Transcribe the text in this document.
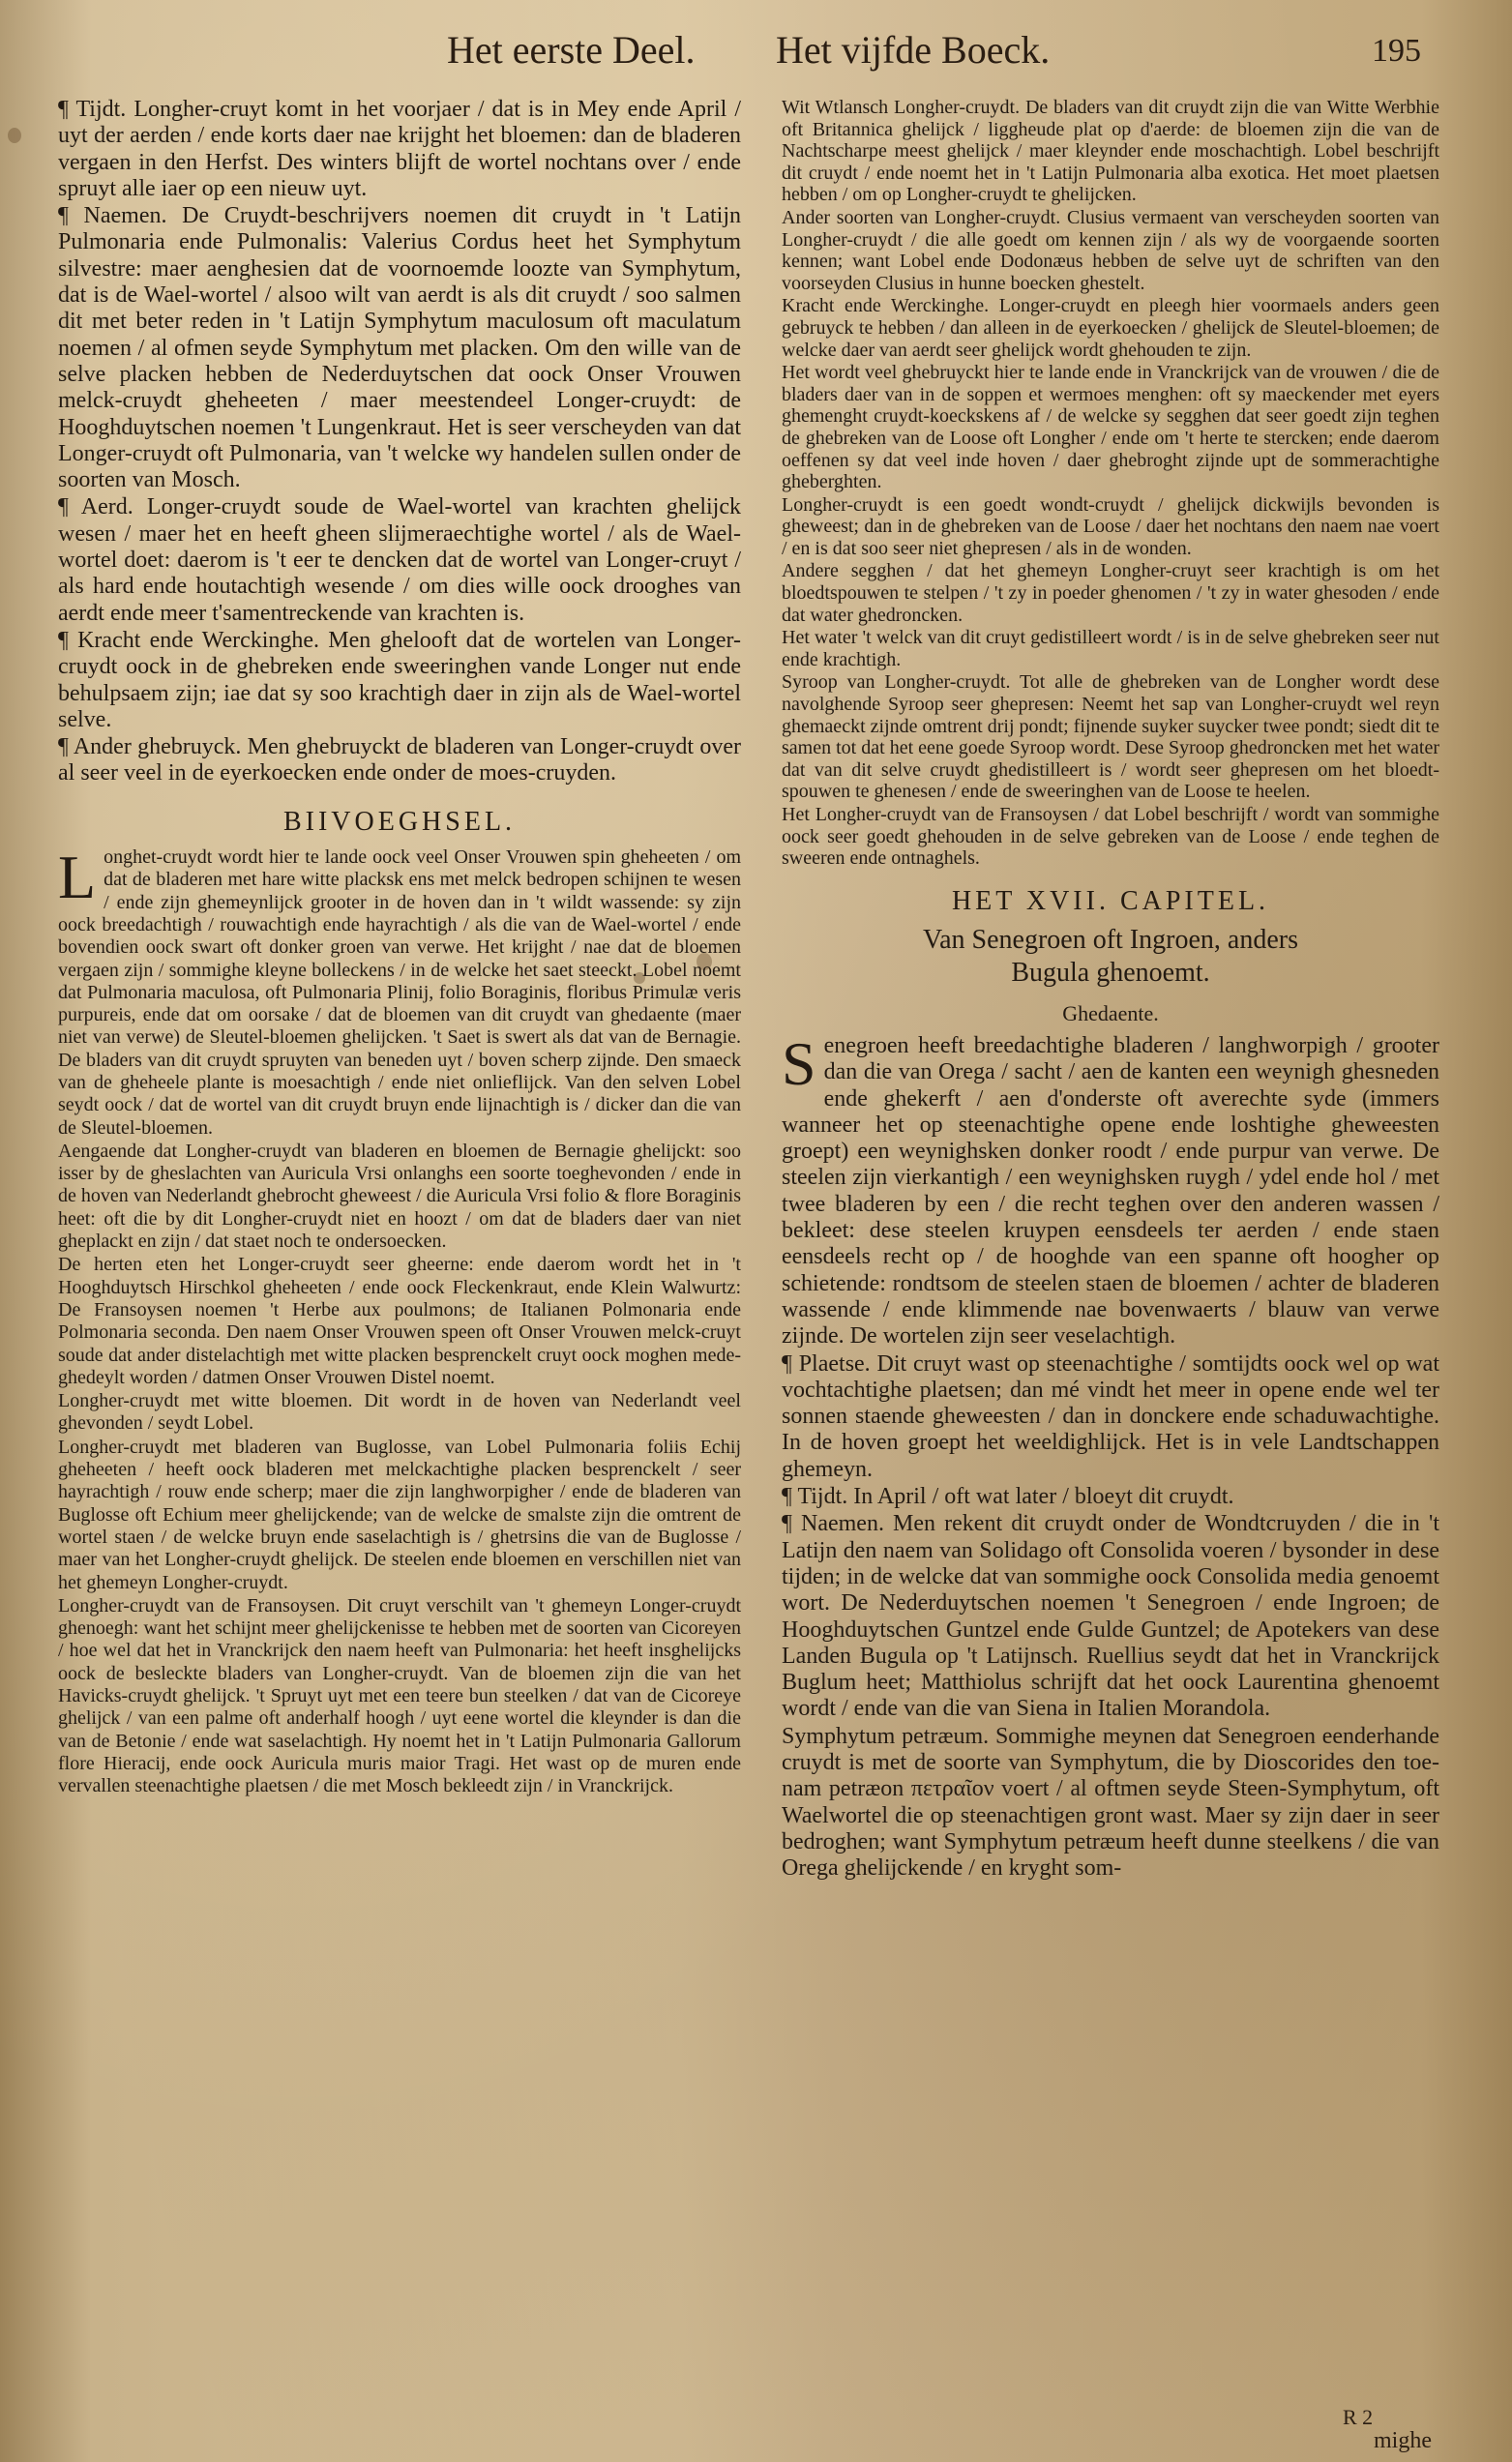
Het eerste Deel. Het vijfde Boeck.	195

¶ Tijdt. Longher-cruyt komt in het voorjaer / dat is in Mey ende April / uyt der aerden / ende korts daer nae krijght het bloemen: dan de bladeren vergaen in den Herfst. Des winters blijft de wortel nochtans over / ende spruyt alle iaer op een nieuw uyt.

¶ Naemen. De Cruydt-beschrijvers noemen dit cruydt in 't Latijn Pulmonaria ende Pulmonalis: Valerius Cordus heet het Symphytum silvestre: maer aenghesien dat de voornoemde loozte van Symphytum, dat is de Wael-wortel / alsoo wilt van aerdt is als dit cruydt / soo salmen dit met beter reden in 't Latijn Symphytum maculosum oft maculatum noemen / al ofmen seyde Symphytum met placken. Om den wille van de selve placken hebben de Nederduytschen dat oock Onser Vrouwen melck-cruydt gheheeten / maer meestendeel Longer-cruydt: de Hooghduytschen noemen 't Lungenkraut. Het is seer verscheyden van dat Longer-cruydt oft Pulmonaria, van 't welcke wy handelen sullen onder de soorten van Mosch.

¶ Aerd. Longer-cruydt soude de Wael-wortel van krachten ghelijck wesen / maer het en heeft gheen slijmeraechtighe wortel / als de Wael-wortel doet: daerom is 't eer te dencken dat de wortel van Longer-cruyt / als hard ende houtachtigh wesende / om dies wille oock drooghes van aerdt ende meer t'samentreckende van krachten is.

¶ Kracht ende Werckinghe. Men ghelooft dat de wortelen van Longer-cruydt oock in de ghebreken ende sweeringhen vande Longer nut ende behulpsaem zijn; iae dat sy soo krachtigh daer in zijn als de Wael-wortel selve.

¶ Ander ghebruyck. Men ghebruyckt de bladeren van Longer-cruydt over al seer veel in de eyerkoecken ende onder de moes-cruyden.

BIIVOEGHSEL.

L onghet-cruydt wordt hier te lande oock veel Onser Vrouwen spin gheheeten / om dat de bladeren met hare witte placksk ens met melck bedropen schijnen te wesen / ende zijn ghemeynlijck grooter in de hoven dan in 't wildt wassende: sy zijn oock breedachtigh / rouwachtigh ende hayrachtigh / als die van de Wael-wortel / ende bovendien oock swart oft donker groen van verwe. Het krijght / nae dat de bloemen vergaen zijn / sommighe kleyne bolleckens / in de welcke het saet steeckt. Lobel noemt dat Pulmonaria maculosa, oft Pulmonaria Plinij, folio Boraginis, floribus Primulæ veris purpureis, ende dat om oorsake / dat de bloemen van dit cruydt van ghedaente (maer niet van verwe) de Sleutel-bloemen ghelijcken. 't Saet is swert als dat van de Bernagie. De bladers van dit cruydt spruyten van beneden uyt / boven scherp zijnde. Den smaeck van de gheheele plante is moesachtigh / ende niet onlieflijck. Van den selven Lobel seydt oock / dat de wortel van dit cruydt bruyn ende lijnachtigh is / dicker dan die van de Sleutel-bloemen.

Aengaende dat Longher-cruydt van bladeren en bloemen de Bernagie ghelijckt: soo isser by de gheslachten van Auricula Vrsi onlanghs een soorte toeghevonden / ende in de hoven van Nederlandt ghebrocht gheweest / die Auricula Vrsi folio & flore Boraginis heet: oft die by dit Longher-cruydt niet en hoozt / om dat de bladers daer van niet gheplackt en zijn / dat staet noch te ondersoecken.

De herten eten het Longer-cruydt seer gheerne: ende daerom wordt het in 't Hooghduytsch Hirschkol gheheeten / ende oock Fleckenkraut, ende Klein Walwurtz: De Fransoysen noemen 't Herbe aux poulmons; de Italianen Polmonaria ende Polmonaria seconda. Den naem Onser Vrouwen speen oft Onser Vrouwen melck-cruyt soude dat ander distelachtigh met witte placken besprenckelt cruyt oock moghen mede-ghedeylt worden / datmen Onser Vrouwen Distel noemt.

Longher-cruydt met witte bloemen. Dit wordt in de hoven van Nederlandt veel ghevonden / seydt Lobel.

Longher-cruydt met bladeren van Buglosse, van Lobel Pulmonaria foliis Echij gheheeten / heeft oock bladeren met melckachtighe placken besprenckelt / seer hayrachtigh / rouw ende scherp; maer die zijn langhworpigher / ende de bladeren van Buglosse oft Echium meer ghelijckende; van de welcke de smalste zijn die omtrent de wortel staen / de welcke bruyn ende saselachtigh is / ghetrsins die van de Buglosse / maer van het Longher-cruydt ghelijck. De steelen ende bloemen en verschillen niet van het ghemeyn Longher-cruydt.

Longher-cruydt van de Fransoysen. Dit cruyt verschilt van 't ghemeyn Longer-cruydt ghenoegh: want het schijnt meer ghelijckenisse te hebben met de soorten van Cicoreyen / hoe wel dat het in Vranckrijck den naem heeft van Pulmonaria: het heeft insghelijcks oock de besleckte bladers van Longher-cruydt. Van de bloemen zijn die van het Havicks-cruydt ghelijck. 't Spruyt uyt met een teere bun steelken / dat van de Cicoreye ghelijck / van een palme oft anderhalf hoogh / uyt eene wortel die kleynder is dan die van de Betonie / ende wat saselachtigh. Hy noemt het in 't Latijn Pulmonaria Gallorum flore Hieracij, ende oock Auricula muris maior Tragi. Het wast op de muren ende vervallen steenachtighe plaetsen / die met Mosch bekleedt zijn / in Vranckrijck.

Wit Wtlansch Longher-cruydt. De bladers van dit cruydt zijn die van Witte Werbhie oft Britannica ghelijck / liggheude plat op d'aerde: de bloemen zijn die van de Nachtscharpe meest ghelijck / maer kleynder ende moschachtigh. Lobel beschrijft dit cruydt / ende noemt het in 't Latijn Pulmonaria alba exotica. Het moet plaetsen hebben / om op Longher-cruydt te ghelijcken.

Ander soorten van Longher-cruydt. Clusius vermaent van verscheyden soorten van Longher-cruydt / die alle goedt om kennen zijn / als wy de voorgaende soorten kennen; want Lobel ende Dodonæus hebben de selve uyt de schriften van den voorseyden Clusius in hunne boecken ghestelt.

Kracht ende Werckinghe. Longer-cruydt en pleegh hier voormaels anders geen gebruyck te hebben / dan alleen in de eyerkoecken / ghelijck de Sleutel-bloemen; de welcke daer van aerdt seer ghelijck wordt ghehouden te zijn.

Het wordt veel ghebruyckt hier te lande ende in Vranckrijck van de vrouwen / die de bladers daer van in de soppen et wermoes menghen: oft sy maeckender met eyers ghemenght cruydt-koeckskens af / de welcke sy segghen dat seer goedt zijn teghen de ghebreken van de Loose oft Longher / ende om 't herte te stercken; ende daerom oeffenen sy dat veel inde hoven / daer ghebroght zijnde upt de sommerachtighe gheberghten.

Longher-cruydt is een goedt wondt-cruydt / ghelijck dickwijls bevonden is gheweest; dan in de ghebreken van de Loose / daer het nochtans den naem nae voert / en is dat soo seer niet ghepresen / als in de wonden.

Andere segghen / dat het ghemeyn Longher-cruyt seer krachtigh is om het bloedtspouwen te stelpen / 't zy in poeder ghenomen / 't zy in water ghesoden / ende dat water ghedroncken.

Het water 't welck van dit cruyt gedistilleert wordt / is in de selve ghebreken seer nut ende krachtigh.

Syroop van Longher-cruydt. Tot alle de ghebreken van de Longher wordt dese navolghende Syroop seer ghepresen: Neemt het sap van Longher-cruydt wel reyn ghemaeckt zijnde omtrent drij pondt; fijnende suyker suycker twee pondt; siedt dit te samen tot dat het eene goede Syroop wordt. Dese Syroop ghedroncken met het water dat van dit selve cruydt ghedistilleert is / wordt seer ghepresen om het bloedt-spouwen te ghenesen / ende de sweeringhen van de Loose te heelen.

Het Longher-cruydt van de Fransoysen / dat Lobel beschrijft / wordt van sommighe oock seer goedt ghehouden in de selve gebreken van de Loose / ende teghen de sweeren ende ontnaghels.

HET XVII. CAPITEL.
Van Senegroen oft Ingroen, anders
Bugula ghenoemt.
Ghedaente.

S enegroen heeft breedachtighe bladeren / langhworpigh / grooter dan die van Orega / sacht / aen de kanten een weynigh ghesneden ende ghekerft / aen d'onderste oft averechte syde (immers wanneer het op steenachtighe opene ende loshtighe gheweesten groept) een weynighsken donker roodt / ende purpur van verwe. De steelen zijn vierkantigh / een weynighsken ruygh / ydel ende hol / met twee bladeren by een / die recht teghen over den anderen wassen / bekleet: dese steelen kruypen eensdeels ter aerden / ende staen eensdeels recht op / de hooghde van een spanne oft hoogher op schietende: rondtsom de steelen staen de bloemen / achter de bladeren wassende / ende klimmende nae bovenwaerts / blauw van verwe zijnde. De wortelen zijn seer veselachtigh.

¶ Plaetse. Dit cruyt wast op steenachtighe / somtijdts oock wel op wat vochtachtighe plaetsen; dan mé vindt het meer in opene ende wel ter sonnen staende gheweesten / dan in donckere ende schaduwachtighe. In de hoven groept het weeldighlijck. Het is in vele Landtschappen ghemeyn.

¶ Tijdt. In April / oft wat later / bloeyt dit cruydt.

¶ Naemen. Men rekent dit cruydt onder de Wondtcruyden / die in 't Latijn den naem van Solidago oft Consolida voeren / bysonder in dese tijden; in de welcke dat van sommighe oock Consolida media genoemt wort. De Nederduytschen noemen 't Senegroen / ende Ingroen; de Hooghduytschen Guntzel ende Gulde Guntzel; de Apotekers van dese Landen Bugula op 't Latijnsch. Ruellius seydt dat het in Vranckrijck Buglum heet; Matthiolus schrijft dat het oock Laurentina ghenoemt wordt / ende van die van Siena in Italien Morandola.

Symphytum petræum. Sommighe meynen dat Senegroen eenderhande cruydt is met de soorte van Symphytum, die by Dioscorides den toe-nam petræon πετραῖον voert / al oftmen seyde Steen-Symphytum, oft Waelwortel die op steenachtigen gront wast. Maer sy zijn daer in seer bedroghen; want Symphytum petræum heeft dunne steelkens / die van Orega ghelijckende / en kryght som-

R 2
mighe
